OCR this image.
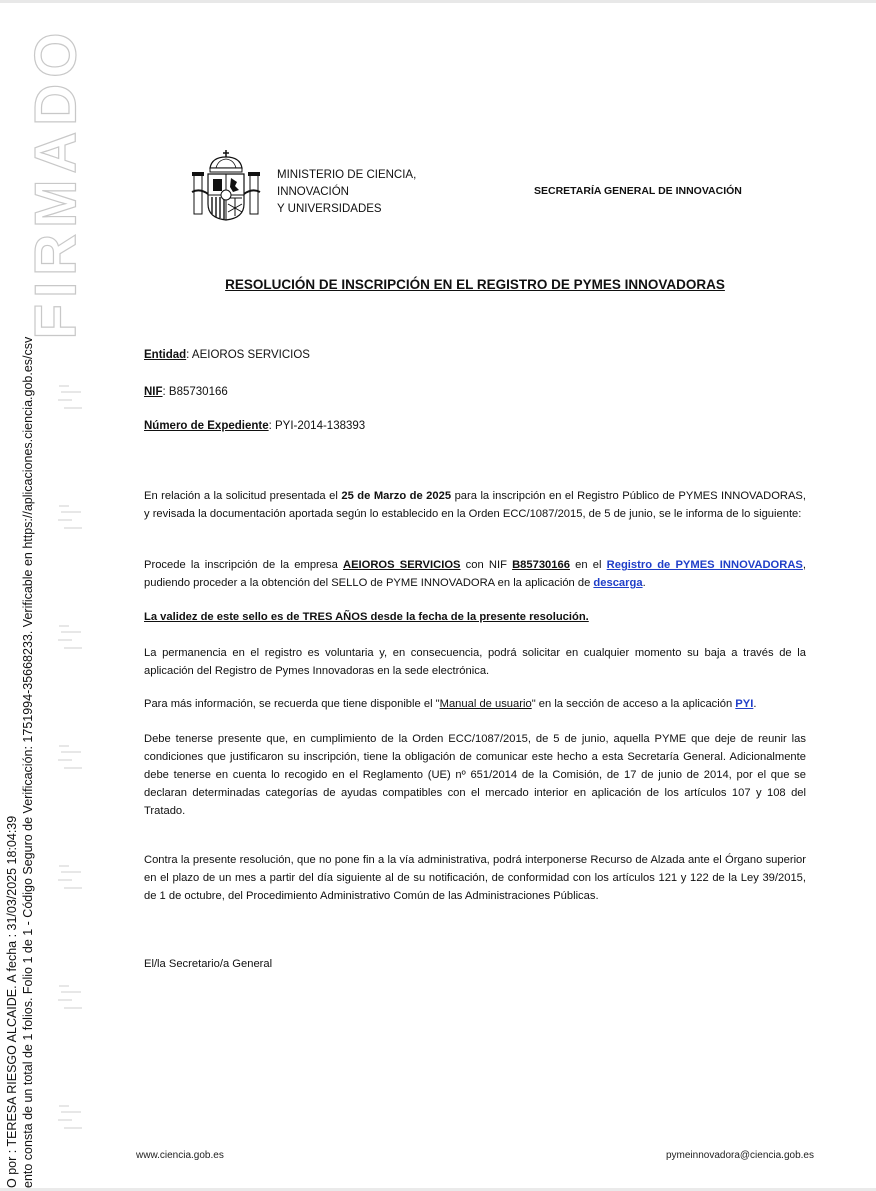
FIRMADO
O por : TERESA RIESGO ALCAIDE. A fecha : 31/03/2025 18:04:39 ento consta de un total de 1 folios. Folio 1 de 1 - Código Seguro de Verificación: 1751994-35668233. Verificable en https://aplicaciones.ciencia.gob.es/csv
MINISTERIO DE CIENCIA,
INNOVACIÓN
Y UNIVERSIDADES
SECRETARÍA GENERAL DE INNOVACIÓN
RESOLUCIÓN DE INSCRIPCIÓN EN EL REGISTRO DE PYMES INNOVADORAS
Entidad: AEIOROS SERVICIOS
NIF: B85730166
Número de Expediente: PYI-2014-138393
En relación a la solicitud presentada el 25 de Marzo de 2025 para la inscripción en el Registro Público de PYMES INNOVADORAS, y revisada la documentación aportada según lo establecido en la Orden ECC/1087/2015, de 5 de junio, se le informa de lo siguiente:
Procede la inscripción de la empresa AEIOROS SERVICIOS con NIF B85730166 en el Registro de PYMES INNOVADORAS, pudiendo proceder a la obtención del SELLO de PYME INNOVADORA en la aplicación de descarga.
La validez de este sello es de TRES AÑOS desde la fecha de la presente resolución.
La permanencia en el registro es voluntaria y, en consecuencia, podrá solicitar en cualquier momento su baja a través de la aplicación del Registro de Pymes Innovadoras en la sede electrónica.
Para más información, se recuerda que tiene disponible el "Manual de usuario" en la sección de acceso a la aplicación PYI.
Debe tenerse presente que, en cumplimiento de la Orden ECC/1087/2015, de 5 de junio, aquella PYME que deje de reunir las condiciones que justificaron su inscripción, tiene la obligación de comunicar este hecho a esta Secretaría General. Adicionalmente debe tenerse en cuenta lo recogido en el Reglamento (UE) nº 651/2014 de la Comisión, de 17 de junio de 2014, por el que se declaran determinadas categorías de ayudas compatibles con el mercado interior en aplicación de los artículos 107 y 108 del Tratado.
Contra la presente resolución, que no pone fin a la vía administrativa, podrá interponerse Recurso de Alzada ante el Órgano superior en el plazo de un mes a partir del día siguiente al de su notificación, de conformidad con los artículos 121 y 122 de la Ley 39/2015, de 1 de octubre, del Procedimiento Administrativo Común de las Administraciones Públicas.
El/la Secretario/a General
www.ciencia.gob.es	pymeinnovadora@ciencia.gob.es
